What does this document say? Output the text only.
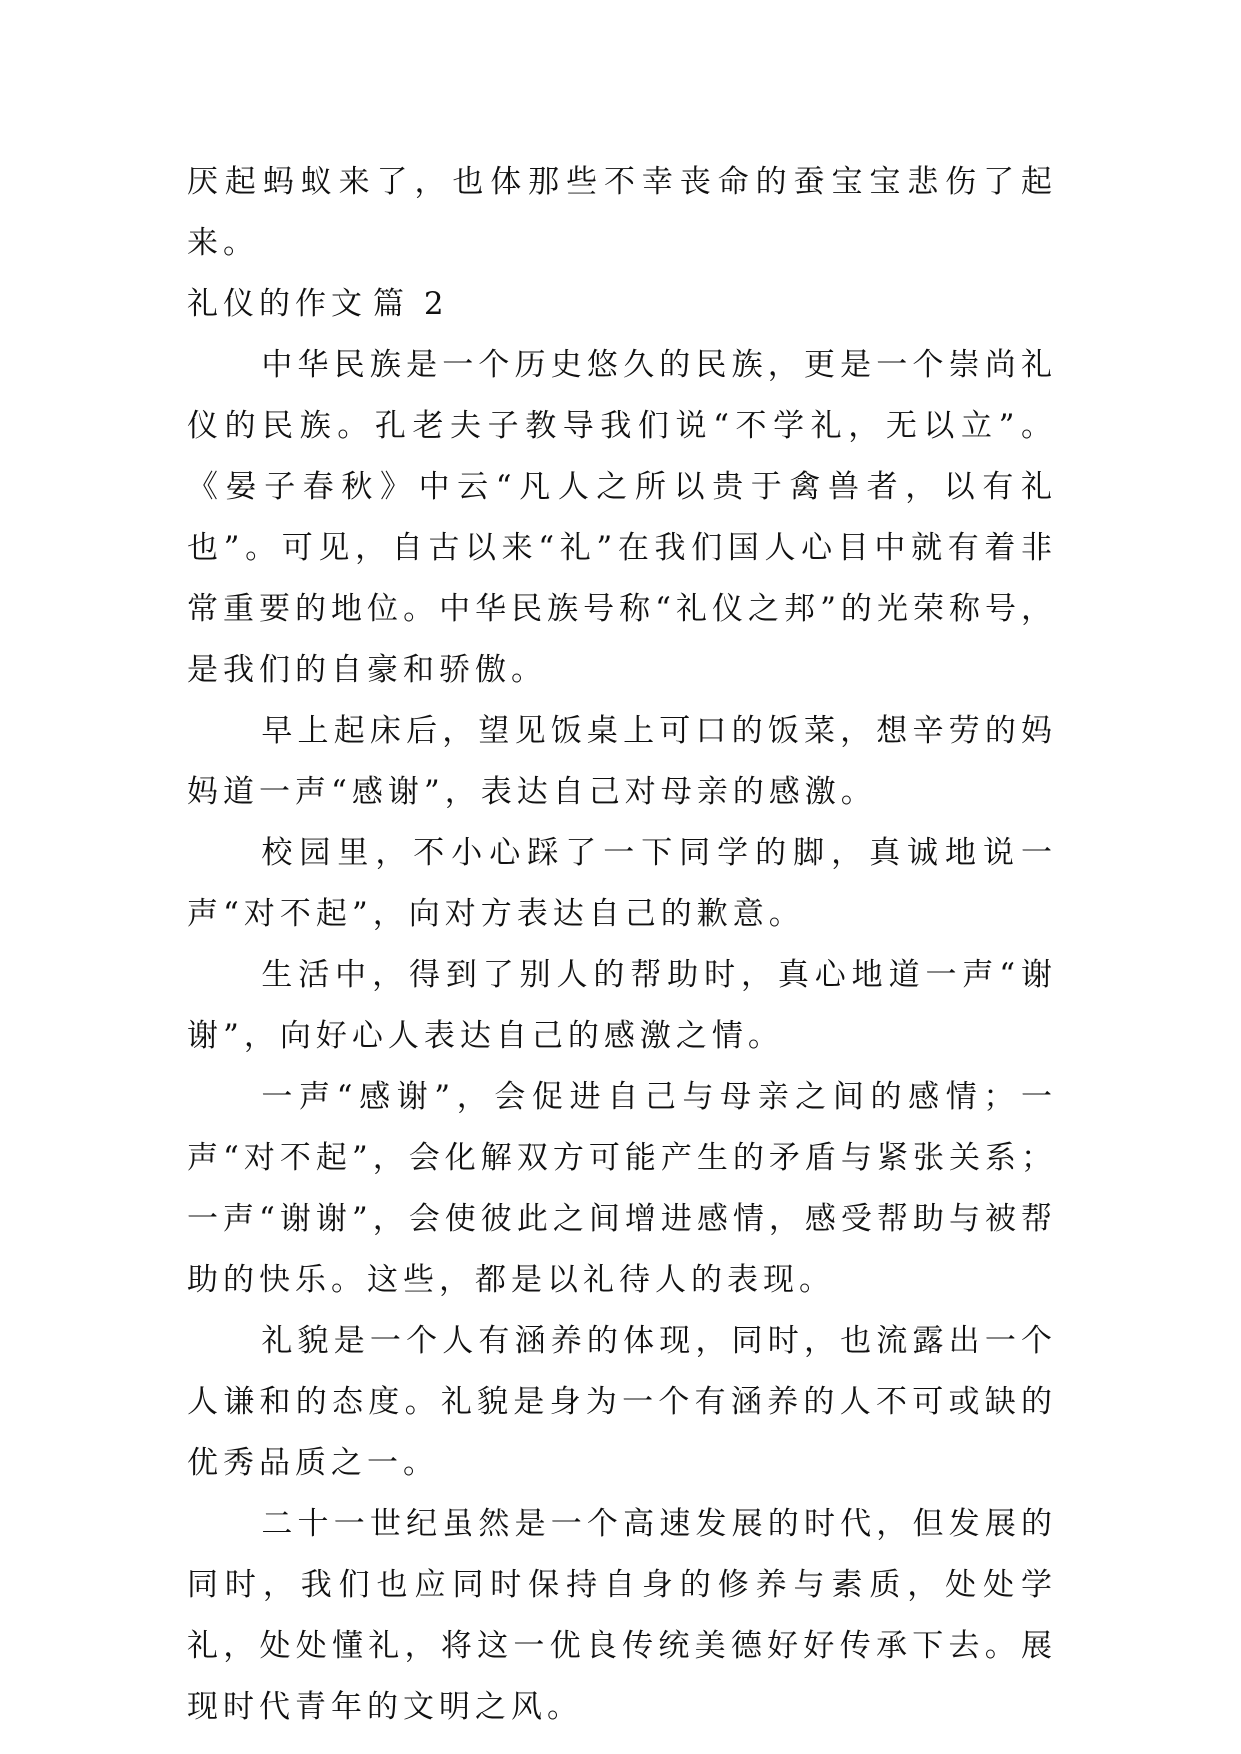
厌起蚂蚁来了，也体那些不幸丧命的蚕宝宝悲伤了起来。

礼仪的作文 篇 2

中华民族是一个历史悠久的民族，更是一个崇尚礼仪的民族。孔老夫子教导我们说“不学礼，无以立”。《晏子春秋》中云“凡人之所以贵于禽兽者，以有礼也”。可见，自古以来“礼”在我们国人心目中就有着非常重要的地位。中华民族号称“礼仪之邦”的光荣称号，是我们的自豪和骄傲。

早上起床后，望见饭桌上可口的饭菜，想辛劳的妈妈道一声“感谢”，表达自己对母亲的感激。

校园里，不小心踩了一下同学的脚，真诚地说一声“对不起”，向对方表达自己的歉意。

生活中，得到了别人的帮助时，真心地道一声“谢谢”，向好心人表达自己的感激之情。

一声“感谢”，会促进自己与母亲之间的感情；一声“对不起”，会化解双方可能产生的矛盾与紧张关系；一声“谢谢”，会使彼此之间增进感情，感受帮助与被帮助的快乐。这些，都是以礼待人的表现。

礼貌是一个人有涵养的体现，同时，也流露出一个人谦和的态度。礼貌是身为一个有涵养的人不可或缺的优秀品质之一。

二十一世纪虽然是一个高速发展的时代，但发展的同时，我们也应同时保持自身的修养与素质，处处学礼，处处懂礼，将这一优良传统美德好好传承下去。展现时代青年的文明之风。
